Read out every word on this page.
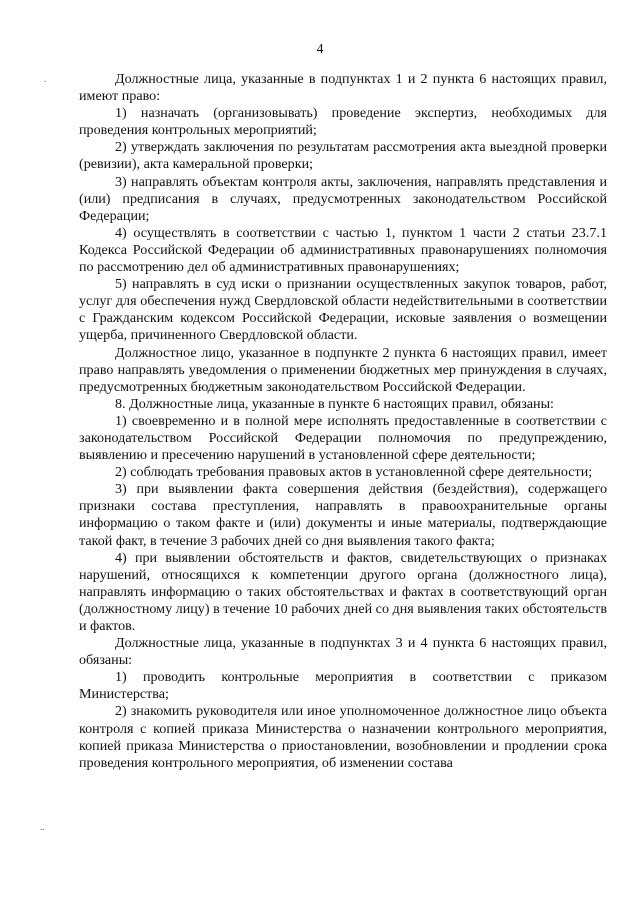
4
.
..

Должностные лица, указанные в подпунктах 1 и 2 пункта 6 настоящих правил, имеют право:

1) назначать (организовывать) проведение экспертиз, необходимых для проведения контрольных мероприятий;

2) утверждать заключения по результатам рассмотрения акта выездной проверки (ревизии), акта камеральной проверки;

3) направлять объектам контроля акты, заключения, направлять представления и (или) предписания в случаях, предусмотренных законодательством Российской Федерации;

4) осуществлять в соответствии с частью 1, пунктом 1 части 2 статьи 23.7.1 Кодекса Российской Федерации об административных правонарушениях полномочия по рассмотрению дел об административных правонарушениях;

5) направлять в суд иски о признании осуществленных закупок товаров, работ, услуг для обеспечения нужд Свердловской области недействительными в соответствии с Гражданским кодексом Российской Федерации, исковые заявления о возмещении ущерба, причиненного Свердловской области.

Должностное лицо, указанное в подпункте 2 пункта 6 настоящих правил, имеет право направлять уведомления о применении бюджетных мер принуждения в случаях, предусмотренных бюджетным законодательством Российской Федерации.

8. Должностные лица, указанные в пункте 6 настоящих правил, обязаны:

1) своевременно и в полной мере исполнять предоставленные в соответствии с законодательством Российской Федерации полномочия по предупреждению, выявлению и пресечению нарушений в установленной сфере деятельности;

2) соблюдать требования правовых актов в установленной сфере деятельности;

3) при выявлении факта совершения действия (бездействия), содержащего признаки состава преступления, направлять в правоохранительные органы информацию о таком факте и (или) документы и иные материалы, подтверждающие такой факт, в течение 3 рабочих дней со дня выявления такого факта;

4) при выявлении обстоятельств и фактов, свидетельствующих о признаках нарушений, относящихся к компетенции другого органа (должностного лица), направлять информацию о таких обстоятельствах и фактах в соответствующий орган (должностному лицу) в течение 10 рабочих дней со дня выявления таких обстоятельств и фактов.

Должностные лица, указанные в подпунктах 3 и 4 пункта 6 настоящих правил, обязаны:

1) проводить контрольные мероприятия в соответствии с приказом Министерства;

2) знакомить руководителя или иное уполномоченное должностное лицо объекта контроля с копией приказа Министерства о назначении контрольного мероприятия, копией приказа Министерства о приостановлении, возобновлении и продлении срока проведения контрольного мероприятия, об изменении состава
